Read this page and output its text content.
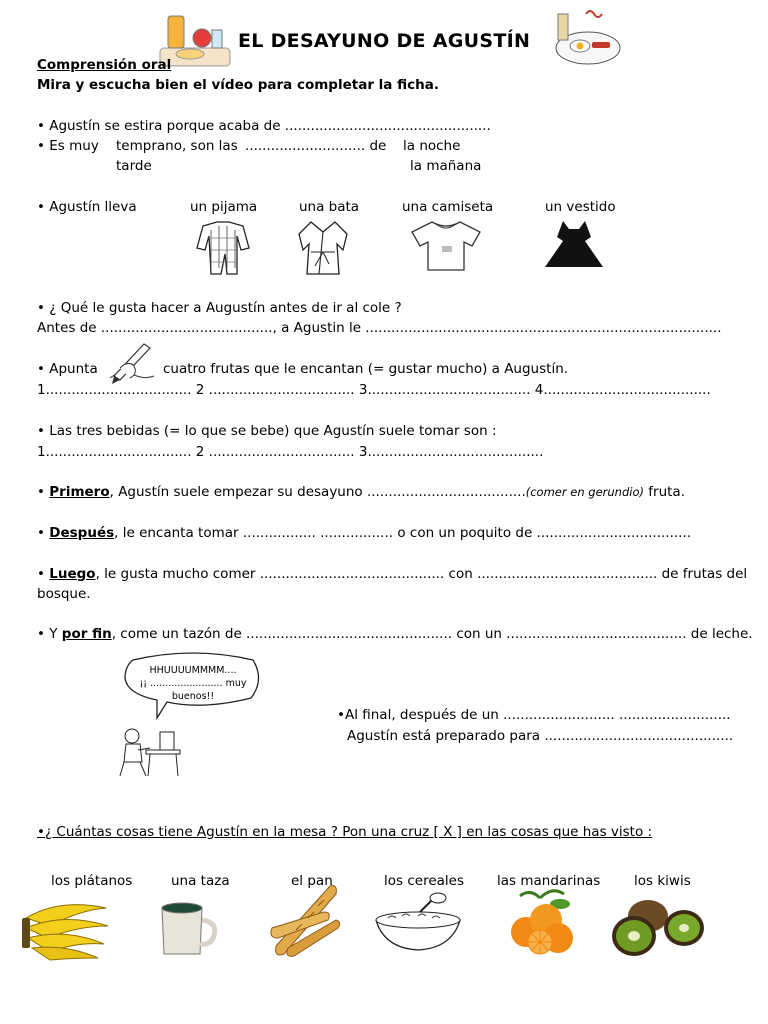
EL DESAYUNO DE AGUSTÍN
Comprensión oral
Mira y escucha bien el vídeo para completar la ficha.
• Agustín se estira porque acaba de ................................................
• Es muy temprano, son las
tarde
............................ de la noche
la mañana
• Agustín lleva	un pijama	una bata	una camiseta	un vestido
• ¿ Qué le gusta hacer a Augustín antes de ir al cole ?
Antes de ........................................, a Agustin le ...................................................................................
• Apunta	cuatro frutas que le encantan (= gustar mucho) a Augustín.
1.................................. 2 .................................. 3...................................... 4.......................................
• Las tres bebidas (= lo que se bebe) que Agustín suele tomar son :
1.................................. 2 .................................. 3.........................................
• Primero, Agustín suele empezar su desayuno .....................................(comer en gerundio) fruta.
• Después, le encanta tomar ................. ................. o con un poquito de ....................................
• Luego, le gusta mucho comer ........................................... con .......................................... de frutas del
bosque.
• Y por fin, come un tazón de ................................................ con un .......................................... de leche.
HHUUUUMMMM....
¡¡ ........................ muy
buenos!!
•Al final, después de un .......................... ..........................
Agustín está preparado para ............................................
•¿ Cuántas cosas tiene Agustín en la mesa ? Pon una cruz [ X ] en las cosas que has visto :
los plátanos	una taza	el pan	los cereales las mandarinas los kiwis
